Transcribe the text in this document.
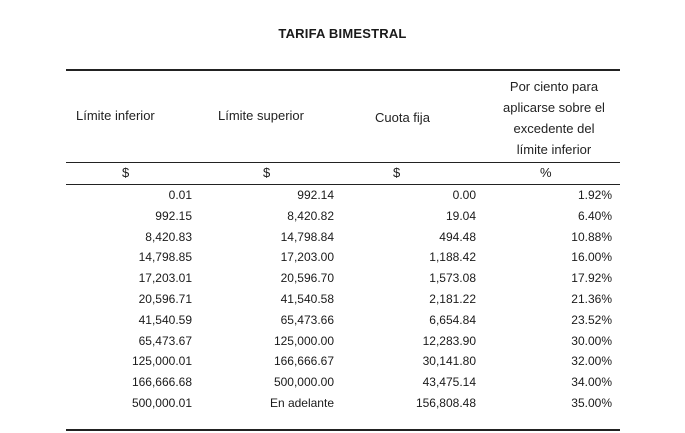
TARIFA BIMESTRAL
Límite inferior	Límite superior	Cuota fija
Por ciento para
aplicarse sobre el
excedente del
límite inferior
$	$	$	%
0.01	992.14	0.00	1.92%
992.15	8,420.82	19.04	6.40%
8,420.83	14,798.84	494.48	10.88%
14,798.85	17,203.00	1,188.42	16.00%
17,203.01	20,596.70	1,573.08	17.92%
20,596.71	41,540.58	2,181.22	21.36%
41,540.59	65,473.66	6,654.84	23.52%
65,473.67	125,000.00	12,283.90	30.00%
125,000.01	166,666.67	30,141.80	32.00%
166,666.68	500,000.00	43,475.14	34.00%
500,000.01	En adelante	156,808.48	35.00%
